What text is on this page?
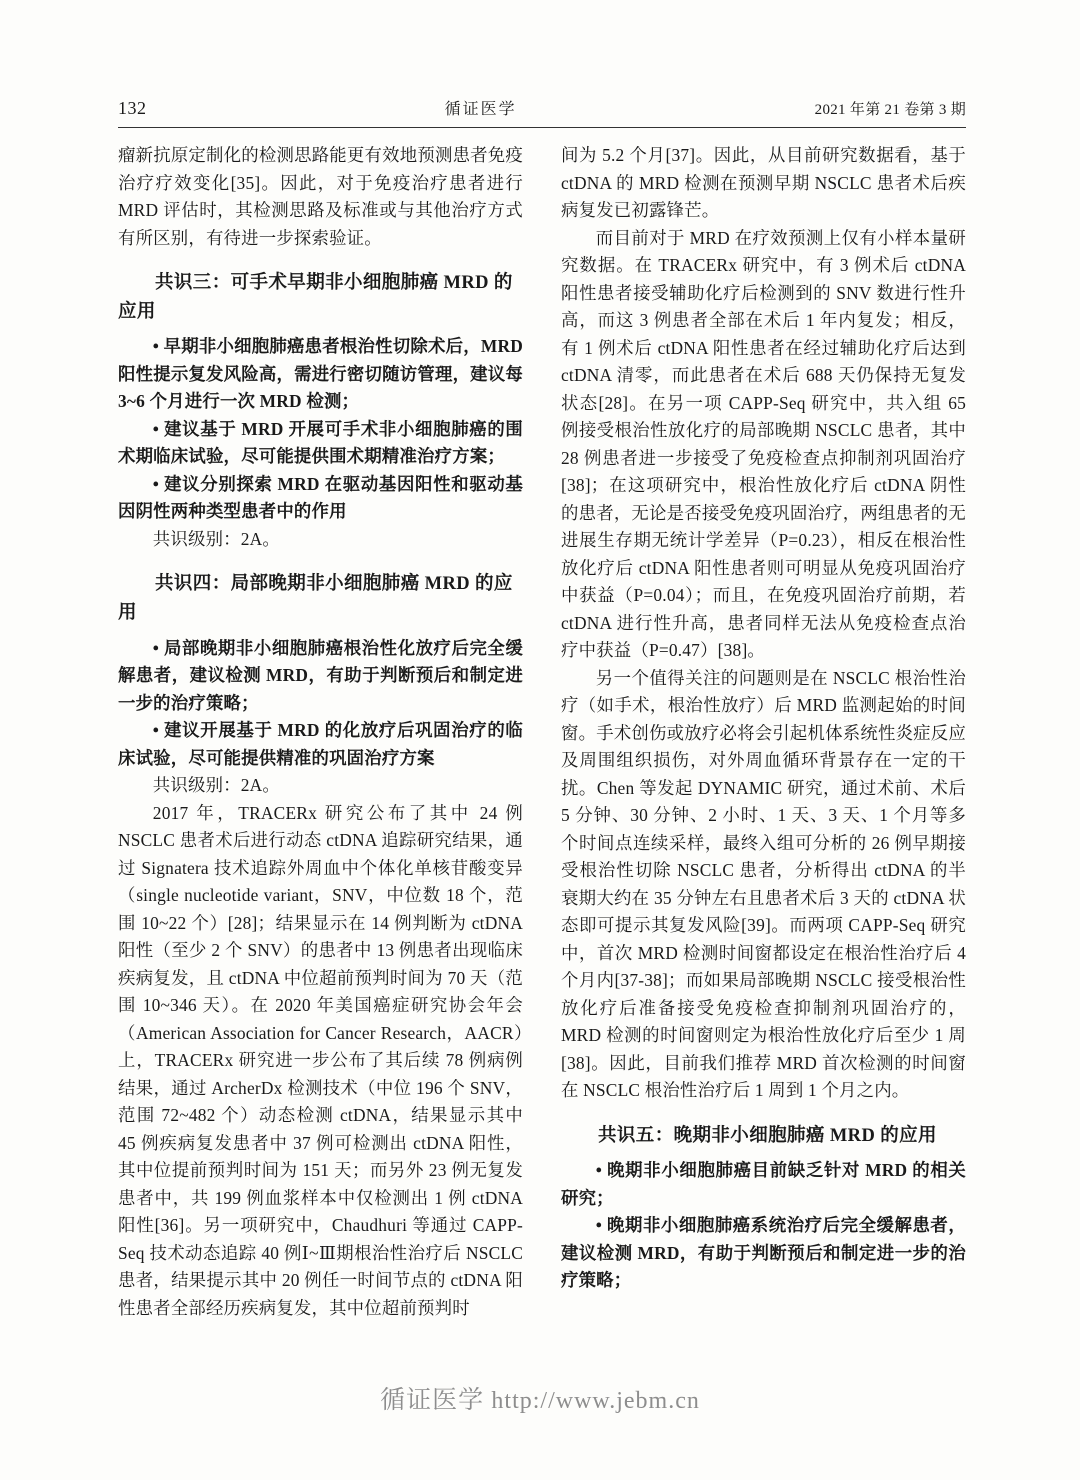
132	循证医学	2021 年第 21 卷第 3 期

瘤新抗原定制化的检测思路能更有效地预测患者免疫治疗疗效变化[35]。因此，对于免疫治疗患者进行 MRD 评估时，其检测思路及标准或与其他治疗方式有所区别，有待进一步探索验证。

共识三：可手术早期非小细胞肺癌 MRD 的应用

• 早期非小细胞肺癌患者根治性切除术后，MRD 阳性提示复发风险高，需进行密切随访管理，建议每 3~6 个月进行一次 MRD 检测；

• 建议基于 MRD 开展可手术非小细胞肺癌的围术期临床试验，尽可能提供围术期精准治疗方案；

• 建议分别探索 MRD 在驱动基因阳性和驱动基因阴性两种类型患者中的作用

共识级别：2A。

共识四：局部晚期非小细胞肺癌 MRD 的应用

• 局部晚期非小细胞肺癌根治性化放疗后完全缓解患者，建议检测 MRD，有助于判断预后和制定进一步的治疗策略；

• 建议开展基于 MRD 的化放疗后巩固治疗的临床试验，尽可能提供精准的巩固治疗方案

共识级别：2A。

2017 年，TRACERx 研究公布了其中 24 例 NSCLC 患者术后进行动态 ctDNA 追踪研究结果，通过 Signatera 技术追踪外周血中个体化单核苷酸变异（single nucleotide variant，SNV，中位数 18 个，范围 10~22 个）[28]；结果显示在 14 例判断为 ctDNA 阳性（至少 2 个 SNV）的患者中 13 例患者出现临床疾病复发，且 ctDNA 中位超前预判时间为 70 天（范围 10~346 天）。在 2020 年美国癌症研究协会年会（American Association for Cancer Research，AACR）上，TRACERx 研究进一步公布了其后续 78 例病例结果，通过 ArcherDx 检测技术（中位 196 个 SNV，范围 72~482 个）动态检测 ctDNA，结果显示其中 45 例疾病复发患者中 37 例可检测出 ctDNA 阳性，其中位提前预判时间为 151 天；而另外 23 例无复发患者中，共 199 例血浆样本中仅检测出 1 例 ctDNA 阳性[36]。另一项研究中，Chaudhuri 等通过 CAPP-Seq 技术动态追踪 40 例Ⅰ~Ⅲ期根治性治疗后 NSCLC 患者，结果提示其中 20 例任一时间节点的 ctDNA 阳性患者全部经历疾病复发，其中位超前预判时

间为 5.2 个月[37]。因此，从目前研究数据看，基于 ctDNA 的 MRD 检测在预测早期 NSCLC 患者术后疾病复发已初露锋芒。

而目前对于 MRD 在疗效预测上仅有小样本量研究数据。在 TRACERx 研究中，有 3 例术后 ctDNA 阳性患者接受辅助化疗后检测到的 SNV 数进行性升高，而这 3 例患者全部在术后 1 年内复发；相反，有 1 例术后 ctDNA 阳性患者在经过辅助化疗后达到 ctDNA 清零，而此患者在术后 688 天仍保持无复发状态[28]。在另一项 CAPP-Seq 研究中，共入组 65 例接受根治性放化疗的局部晚期 NSCLC 患者，其中 28 例患者进一步接受了免疫检查点抑制剂巩固治疗[38]；在这项研究中，根治性放化疗后 ctDNA 阴性的患者，无论是否接受免疫巩固治疗，两组患者的无进展生存期无统计学差异（P=0.23），相反在根治性放化疗后 ctDNA 阳性患者则可明显从免疫巩固治疗中获益（P=0.04）；而且，在免疫巩固治疗前期，若 ctDNA 进行性升高，患者同样无法从免疫检查点治疗中获益（P=0.47）[38]。

另一个值得关注的问题则是在 NSCLC 根治性治疗（如手术，根治性放疗）后 MRD 监测起始的时间窗。手术创伤或放疗必将会引起机体系统性炎症反应及周围组织损伤，对外周血循环背景存在一定的干扰。Chen 等发起 DYNAMIC 研究，通过术前、术后 5 分钟、30 分钟、2 小时、1 天、3 天、1 个月等多个时间点连续采样，最终入组可分析的 26 例早期接受根治性切除 NSCLC 患者，分析得出 ctDNA 的半衰期大约在 35 分钟左右且患者术后 3 天的 ctDNA 状态即可提示其复发风险[39]。而两项 CAPP-Seq 研究中，首次 MRD 检测时间窗都设定在根治性治疗后 4 个月内[37-38]；而如果局部晚期 NSCLC 接受根治性放化疗后准备接受免疫检查抑制剂巩固治疗的，MRD 检测的时间窗则定为根治性放化疗后至少 1 周[38]。因此，目前我们推荐 MRD 首次检测的时间窗在 NSCLC 根治性治疗后 1 周到 1 个月之内。

共识五：晚期非小细胞肺癌 MRD 的应用

• 晚期非小细胞肺癌目前缺乏针对 MRD 的相关研究；

• 晚期非小细胞肺癌系统治疗后完全缓解患者，建议检测 MRD，有助于判断预后和制定进一步的治疗策略；

循证医学 http://www.jebm.cn
